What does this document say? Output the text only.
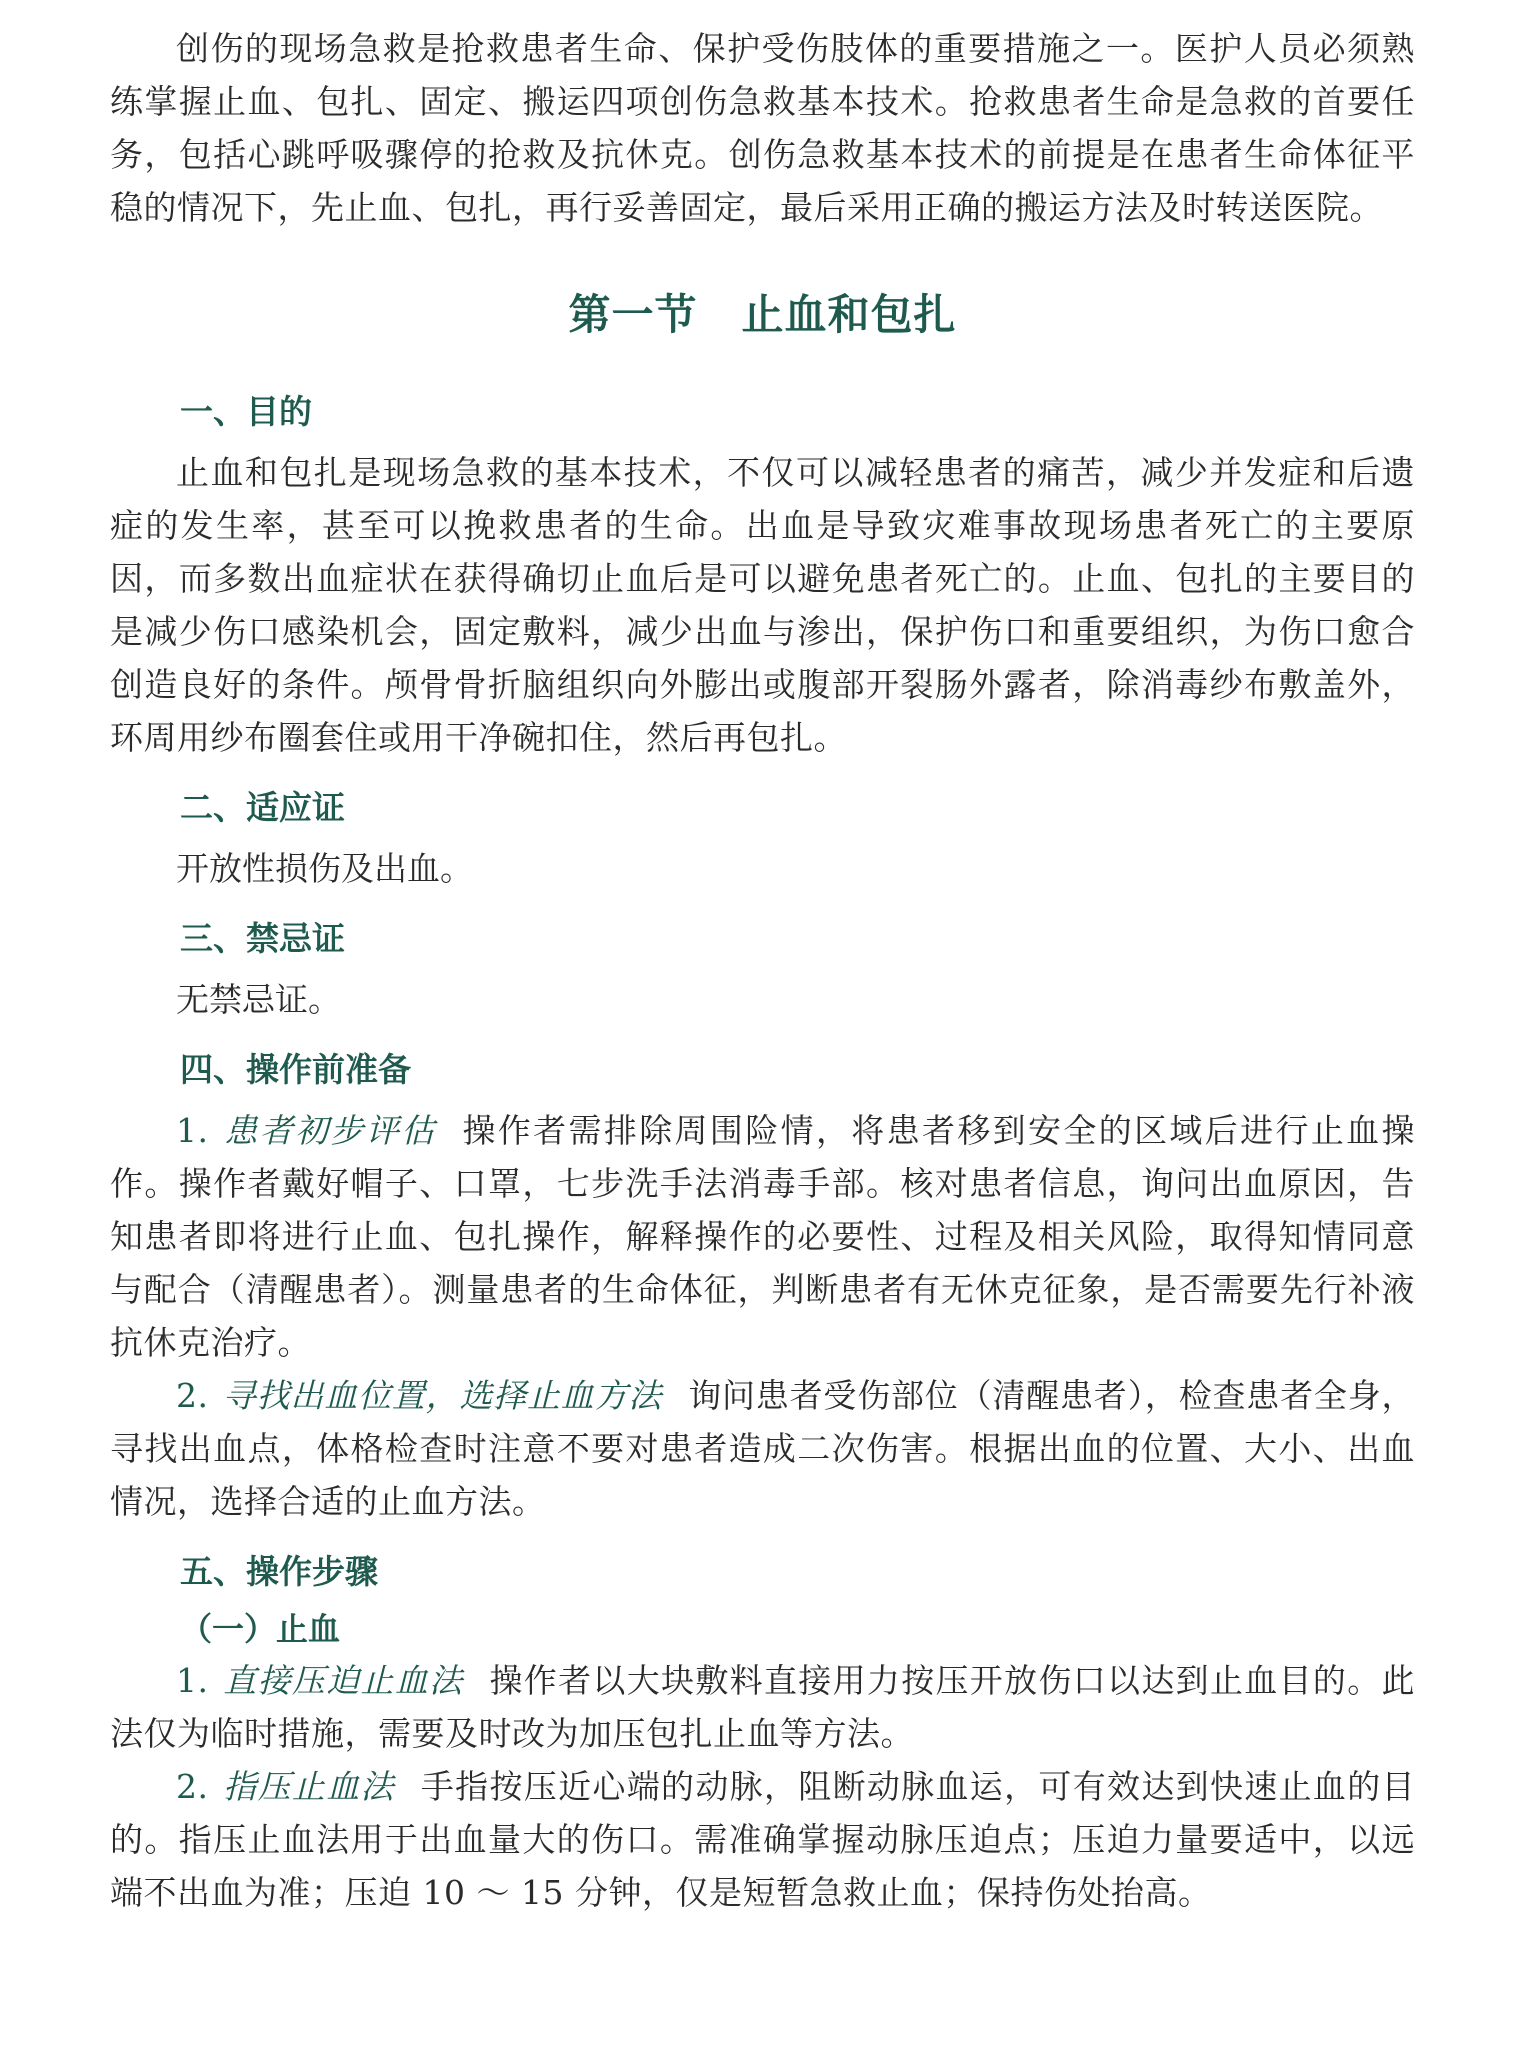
创伤的现场急救是抢救患者生命、保护受伤肢体的重要措施之一。医护人员必须熟练掌握止血、包扎、固定、搬运四项创伤急救基本技术。抢救患者生命是急救的首要任务，包括心跳呼吸骤停的抢救及抗休克。创伤急救基本技术的前提是在患者生命体征平稳的情况下，先止血、包扎，再行妥善固定，最后采用正确的搬运方法及时转送医院。

第一节 止血和包扎
一、目的

止血和包扎是现场急救的基本技术，不仅可以减轻患者的痛苦，减少并发症和后遗症的发生率，甚至可以挽救患者的生命。出血是导致灾难事故现场患者死亡的主要原因，而多数出血症状在获得确切止血后是可以避免患者死亡的。止血、包扎的主要目的是减少伤口感染机会，固定敷料，减少出血与渗出，保护伤口和重要组织，为伤口愈合创造良好的条件。颅骨骨折脑组织向外膨出或腹部开裂肠外露者，除消毒纱布敷盖外，环周用纱布圈套住或用干净碗扣住，然后再包扎。

二、适应证

开放性损伤及出血。

三、禁忌证

无禁忌证。

四、操作前准备

1. 患者初步评估 操作者需排除周围险情，将患者移到安全的区域后进行止血操作。操作者戴好帽子、口罩，七步洗手法消毒手部。核对患者信息，询问出血原因，告知患者即将进行止血、包扎操作，解释操作的必要性、过程及相关风险，取得知情同意与配合（清醒患者）。测量患者的生命体征，判断患者有无休克征象，是否需要先行补液抗休克治疗。

2. 寻找出血位置，选择止血方法 询问患者受伤部位（清醒患者），检查患者全身，寻找出血点，体格检查时注意不要对患者造成二次伤害。根据出血的位置、大小、出血情况，选择合适的止血方法。

五、操作步骤
（一）止血

1. 直接压迫止血法 操作者以大块敷料直接用力按压开放伤口以达到止血目的。此法仅为临时措施，需要及时改为加压包扎止血等方法。

2. 指压止血法 手指按压近心端的动脉，阻断动脉血运，可有效达到快速止血的目的。指压止血法用于出血量大的伤口。需准确掌握动脉压迫点；压迫力量要适中，以远端不出血为准；压迫 10 ～ 15 分钟，仅是短暂急救止血；保持伤处抬高。
